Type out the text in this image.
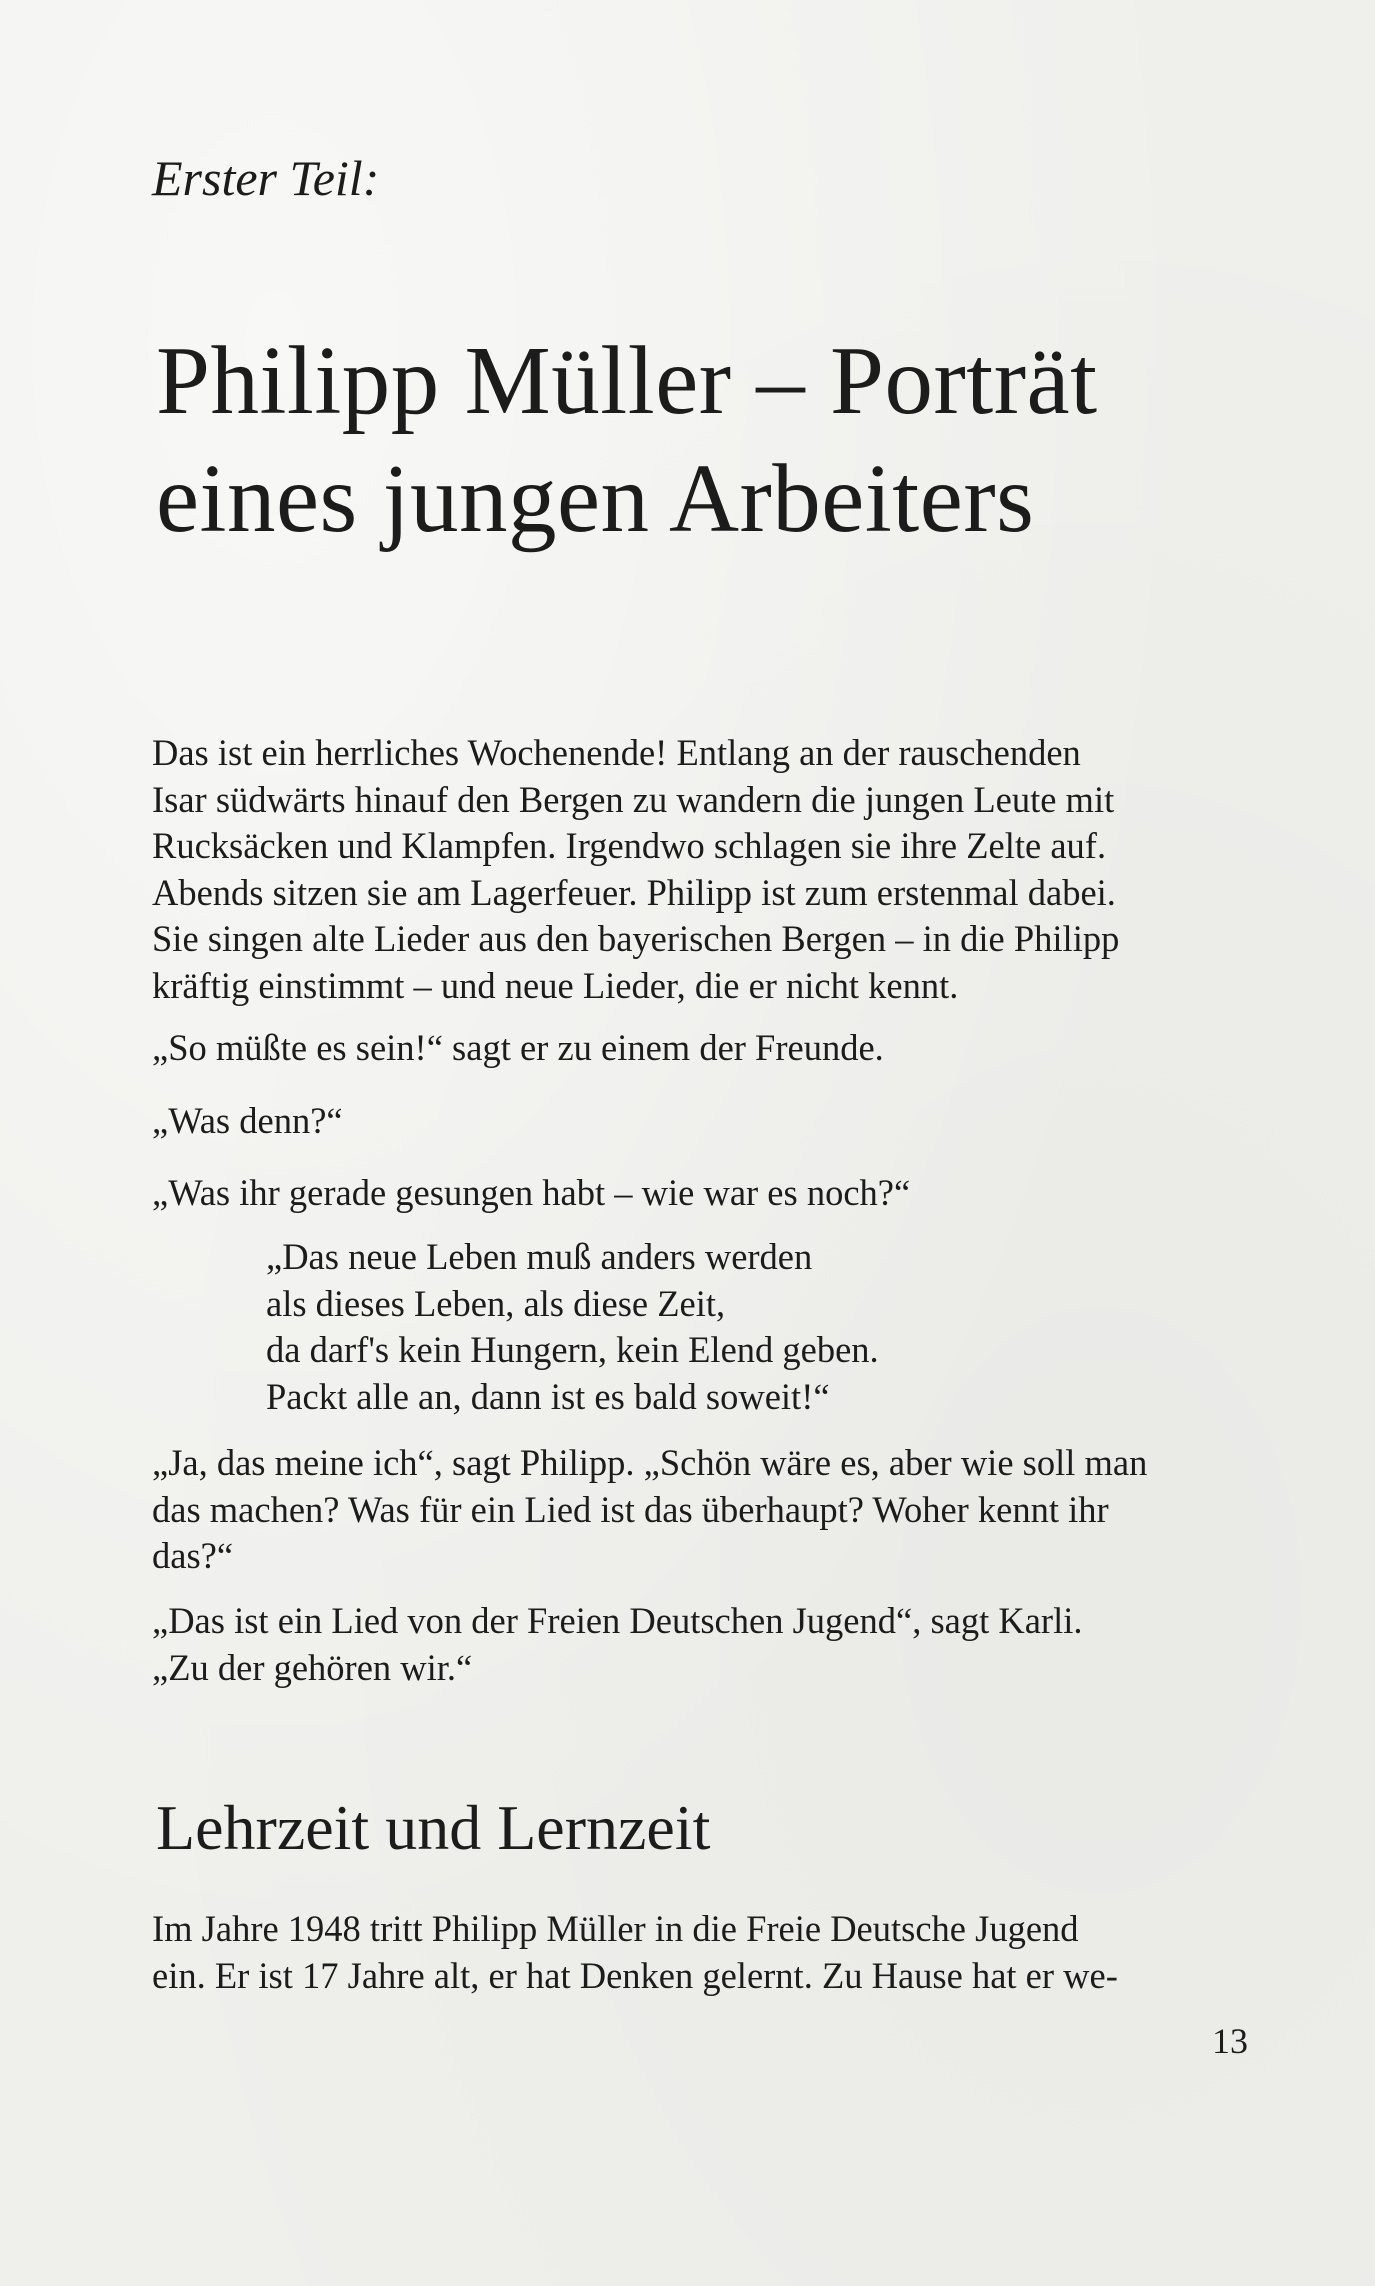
Erster Teil:
Philipp Müller – Porträt
eines jungen Arbeiters

Das ist ein herrliches Wochenende! Entlang an der rauschenden
Isar südwärts hinauf den Bergen zu wandern die jungen Leute mit
Rucksäcken und Klampfen. Irgendwo schlagen sie ihre Zelte auf.
Abends sitzen sie am Lagerfeuer. Philipp ist zum erstenmal dabei.
Sie singen alte Lieder aus den bayerischen Bergen – in die Philipp
kräftig einstimmt – und neue Lieder, die er nicht kennt.

„So müßte es sein!“ sagt er zu einem der Freunde.

„Was denn?“

„Was ihr gerade gesungen habt – wie war es noch?“

„Das neue Leben muß anders werden
als dieses Leben, als diese Zeit,
da darf's kein Hungern, kein Elend geben.
Packt alle an, dann ist es bald soweit!“

„Ja, das meine ich“, sagt Philipp. „Schön wäre es, aber wie soll man
das machen? Was für ein Lied ist das überhaupt? Woher kennt ihr
das?“

„Das ist ein Lied von der Freien Deutschen Jugend“, sagt Karli.
„Zu der gehören wir.“

Lehrzeit und Lernzeit

Im Jahre 1948 tritt Philipp Müller in die Freie Deutsche Jugend
ein. Er ist 17 Jahre alt, er hat Denken gelernt. Zu Hause hat er we-

13
